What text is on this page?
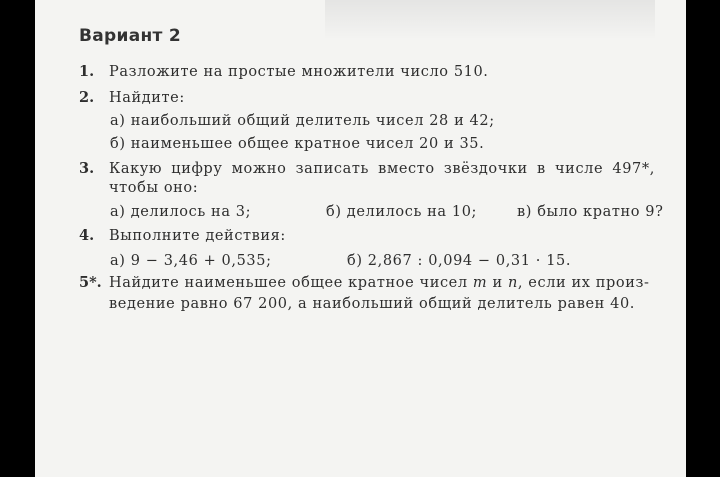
Вариант 2
1. Разложите на простые множители число 510.
2. Найдите:
а) наибольший общий делитель чисел 28 и 42;
б) наименьшее общее кратное чисел 20 и 35.
3. Какую цифру можно записать вместо звёздочки в числе 497*,
чтобы оно:
а) делилось на 3;	б) делилось на 10;	в) было кратно 9?
4. Выполните действия:
а) 9 − 3,46 + 0,535;	б) 2,867 : 0,094 − 0,31 · 15.
5*. Найдите наименьшее общее кратное чисел m и n, если их произ-
ведение равно 67 200, а наибольший общий делитель равен 40.
